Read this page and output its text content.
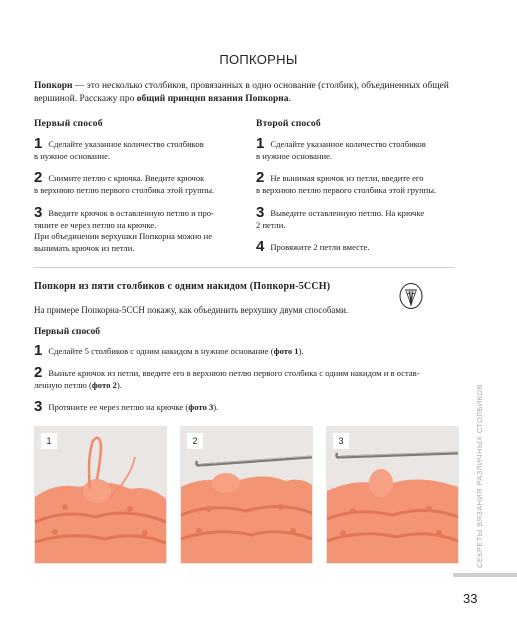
ПОПКОРНЫ
Попкорн — это несколько столбиков, провязанных в одно основание (столбик), объединенных общей вершиной. Расскажу про общий принцип вязания Попкорна.
Первый способ
1 Сделайте указанное количество столбиков
в нужное основание.
2 Снимите петлю с крючка. Введите крючок
в верхнюю петлю первого столбика этой группы.
3 Введите крючок в оставленную петлю и про-
тяните ее через петлю на крючке.
При объединении верхушки Попкорна можно не
вынимать крючок из петли.
Второй способ
1 Сделайте указанное количество столбиков
в нужное основание.
2 Не вынимая крючок из петли, введите его
в верхнюю петлю первого столбика этой группы.
3 Выведите оставленную петлю. На крючке
2 петли.
4 Провяжите 2 петли вместе.
Попкорн из пяти столбиков с одним накидом (Попкорн-5ССН)
На примере Попкорна-5ССН покажу, как объединить верхушку двумя способами.
Первый способ
1 Сделайте 5 столбиков с одним накидом в нужное основание (фото 1).
2 Выньте крючок из петли, введите его в верхнюю петлю первого столбика с одним накидом и в остав-
ленную петлю (фото 2).
3 Протяните ее через петлю на крючке (фото 3).
1	2	3	СЕКРЕТЫ ВЯЗАНИЯ РАЗЛИЧНЫХ СТОЛБИКОВ
33
